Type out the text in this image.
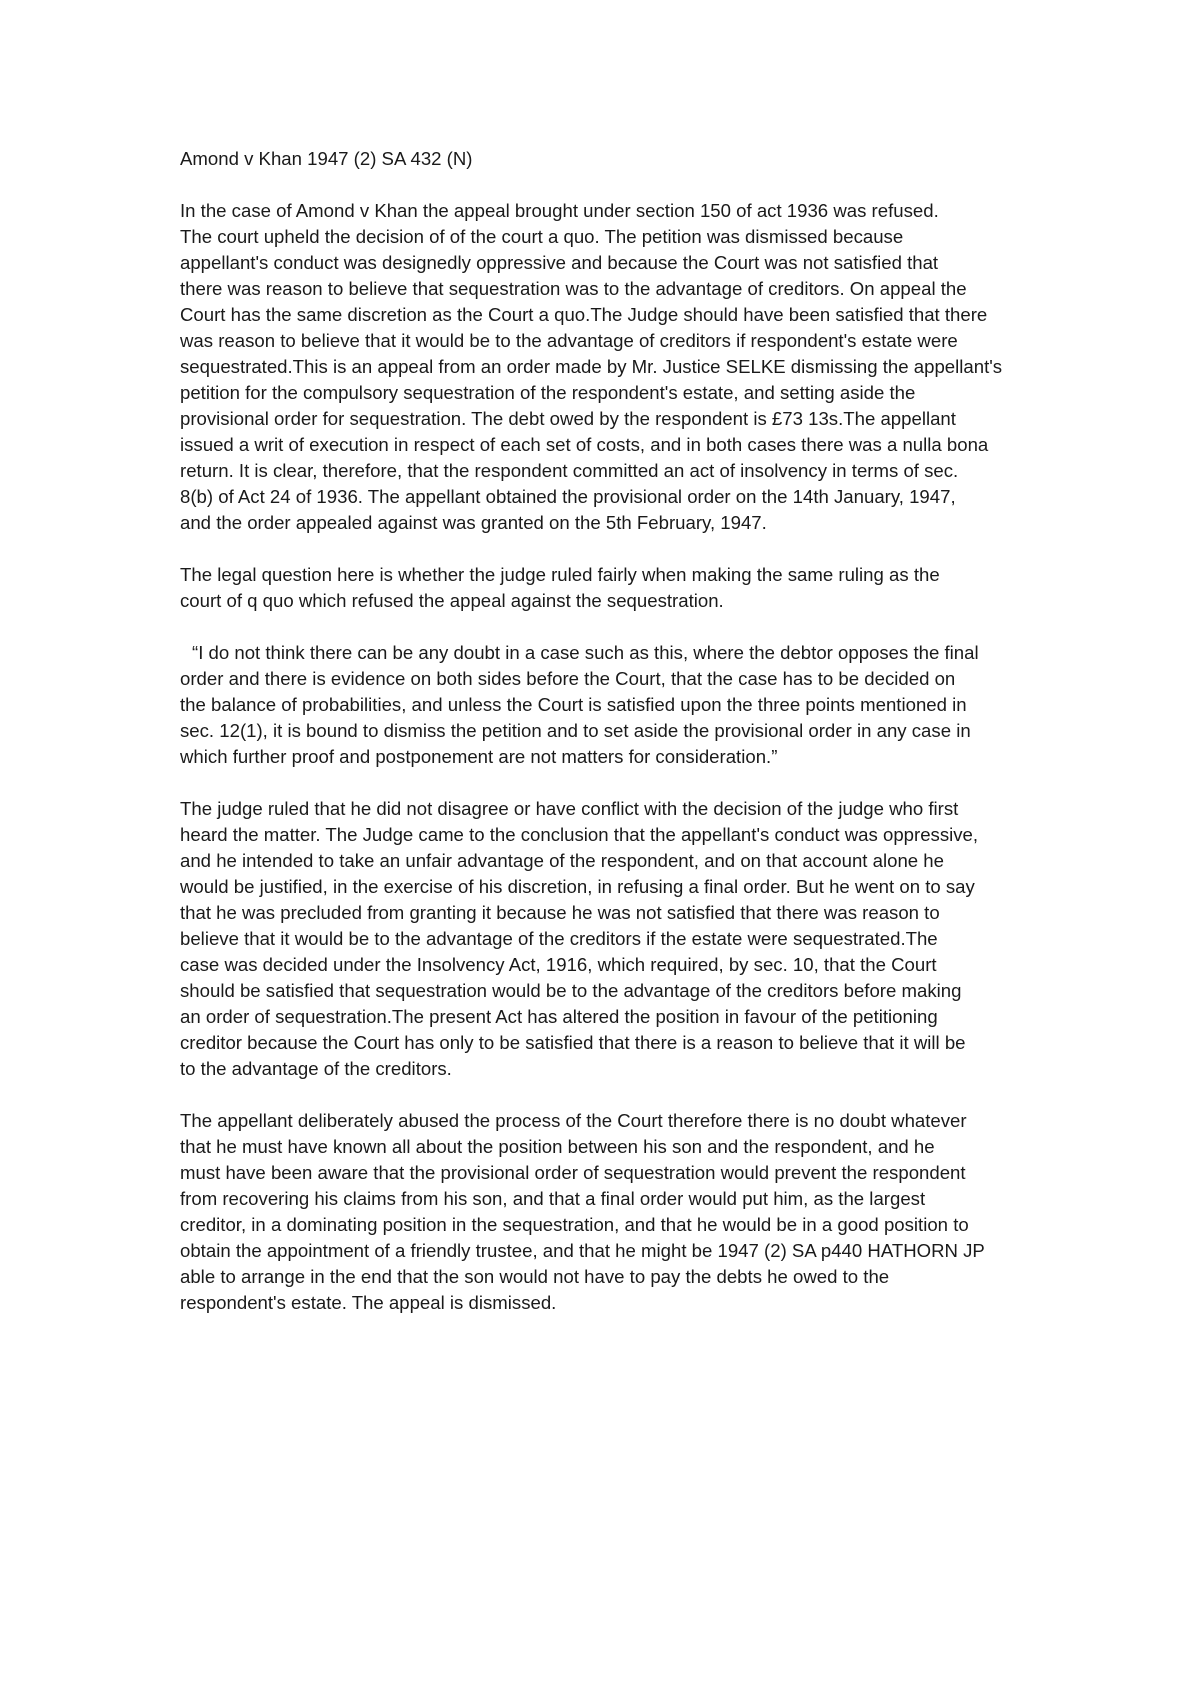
Amond v Khan 1947 (2) SA 432 (N)
In the case of Amond v Khan the appeal brought under section 150 of act 1936 was refused.
The court upheld the decision of of the court a quo. The petition was dismissed because
appellant's conduct was designedly oppressive and because the Court was not satisfied that
there was reason to believe that sequestration was to the advantage of creditors. On appeal the
Court has the same discretion as the Court a quo.The Judge should have been satisfied that there
was reason to believe that it would be to the advantage of creditors if respondent's estate were
sequestrated.This is an appeal from an order made by Mr. Justice SELKE dismissing the appellant's
petition for the compulsory sequestration of the respondent's estate, and setting aside the
provisional order for sequestration. The debt owed by the respondent is £73 13s.The appellant
issued a writ of execution in respect of each set of costs, and in both cases there was a nulla bona
return. It is clear, therefore, that the respondent committed an act of insolvency in terms of sec.
8(b) of Act 24 of 1936. The appellant obtained the provisional order on the 14th January, 1947,
and the order appealed against was granted on the 5th February, 1947.
The legal question here is whether the judge ruled fairly when making the same ruling as the
court of q quo which refused the appeal against the sequestration.
“I do not think there can be any doubt in a case such as this, where the debtor opposes the final
order and there is evidence on both sides before the Court, that the case has to be decided on
the balance of probabilities, and unless the Court is satisfied upon the three points mentioned in
sec. 12(1), it is bound to dismiss the petition and to set aside the provisional order in any case in
which further proof and postponement are not matters for consideration.”
The judge ruled that he did not disagree or have conflict with the decision of the judge who first
heard the matter. The Judge came to the conclusion that the appellant's conduct was oppressive,
and he intended to take an unfair advantage of the respondent, and on that account alone he
would be justified, in the exercise of his discretion, in refusing a final order. But he went on to say
that he was precluded from granting it because he was not satisfied that there was reason to
believe that it would be to the advantage of the creditors if the estate were sequestrated.The
case was decided under the Insolvency Act, 1916, which required, by sec. 10, that the Court
should be satisfied that sequestration would be to the advantage of the creditors before making
an order of sequestration.The present Act has altered the position in favour of the petitioning
creditor because the Court has only to be satisfied that there is a reason to believe that it will be
to the advantage of the creditors.
The appellant deliberately abused the process of the Court therefore there is no doubt whatever
that he must have known all about the position between his son and the respondent, and he
must have been aware that the provisional order of sequestration would prevent the respondent
from recovering his claims from his son, and that a final order would put him, as the largest
creditor, in a dominating position in the sequestration, and that he would be in a good position to
obtain the appointment of a friendly trustee, and that he might be 1947 (2) SA p440 HATHORN JP
able to arrange in the end that the son would not have to pay the debts he owed to the
respondent's estate. The appeal is dismissed.
